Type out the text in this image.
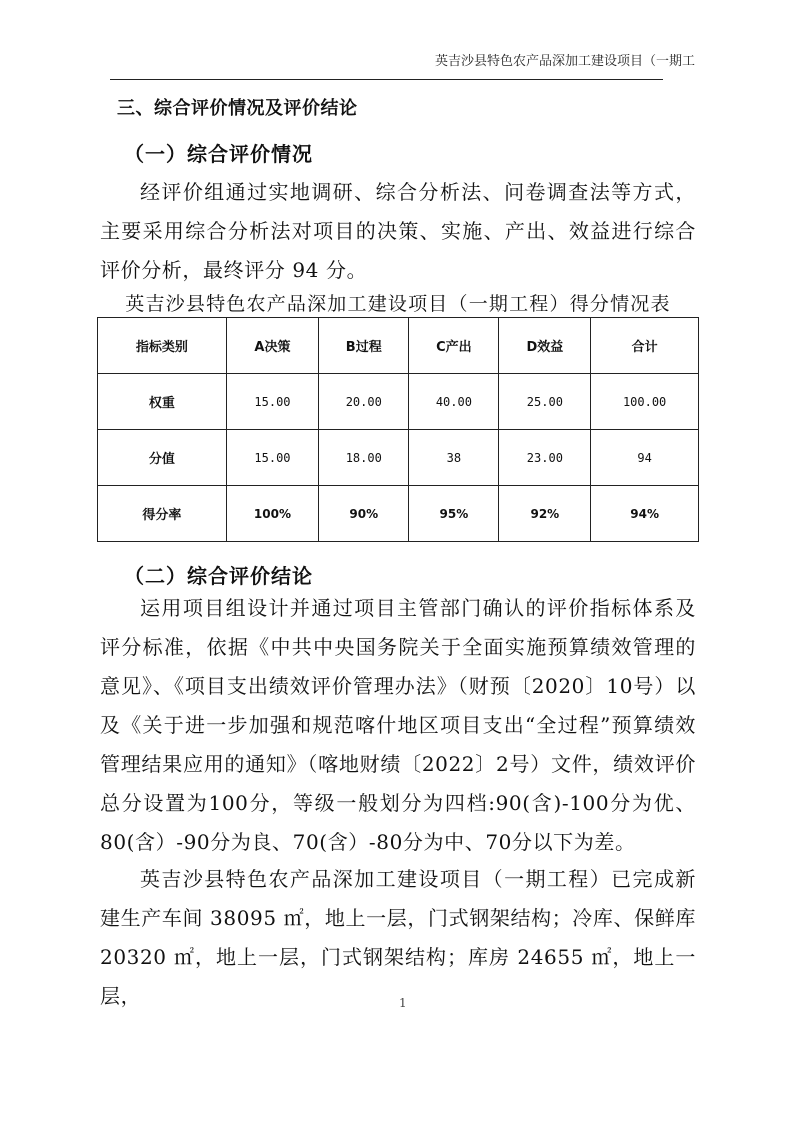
英吉沙县特色农产品深加工建设项目（一期工
三、综合评价情况及评价结论
（一）综合评价情况

经评价组通过实地调研、综合分析法、问卷调查法等方式，主要采用综合分析法对项目的决策、实施、产出、效益进行综合评价分析，最终评分 94 分。

英吉沙县特色农产品深加工建设项目（一期工程）得分情况表
指标类别	A决策	B过程	C产出	D效益	合计
权重	15.00	20.00	40.00	25.00	100.00
分值	15.00	18.00	38	23.00	94
得分率	100%	90%	95%	92%	94%
（二）综合评价结论

运用项目组设计并通过项目主管部门确认的评价指标体系及评分标准，依据《中共中央国务院关于全面实施预算绩效管理的意见》、《项目支出绩效评价管理办法》（财预〔2020〕10号）以及《关于进一步加强和规范喀什地区项目支出“全过程”预算绩效管理结果应用的通知》（喀地财绩〔2022〕2号）文件，绩效评价总分设置为100分，等级一般划分为四档:90(含)-100分为优、80(含）-90分为良、70(含）-80分为中、70分以下为差。

英吉沙县特色农产品深加工建设项目（一期工程）已完成新建生产车间 38095 ㎡，地上一层，门式钢架结构；冷库、保鲜库 20320 ㎡，地上一层，门式钢架结构；库房 24655 ㎡，地上一层，	1
